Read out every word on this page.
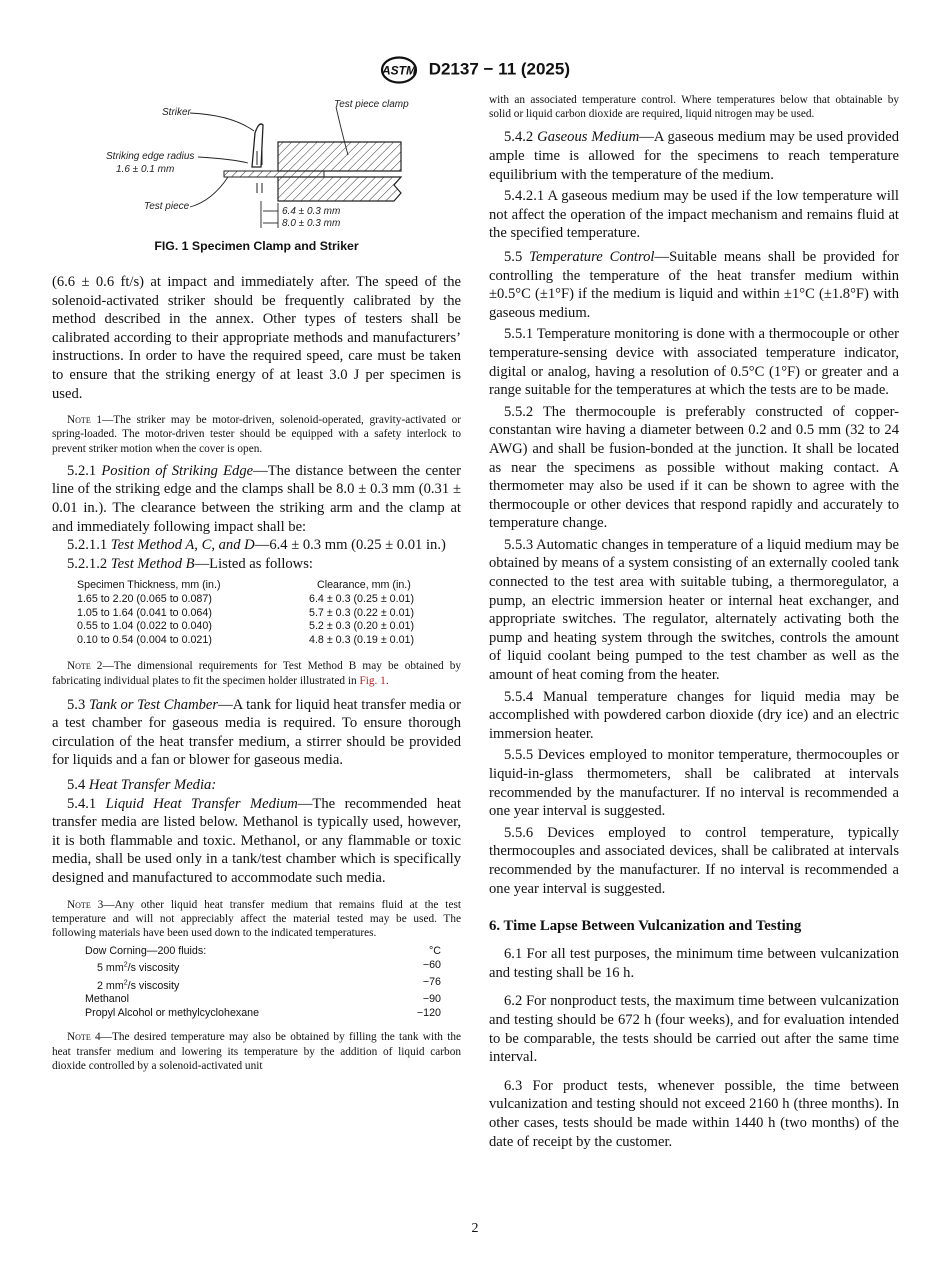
ASTM D2137 − 11 (2025)
Striker
Test piece clamp
Striking edge radius
1.6 ± 0.1 mm
Test piece	6.4 ± 0.3 mm
8.0 ± 0.3 mm

FIG. 1 Specimen Clamp and Striker

(6.6 ± 0.6 ft/s) at impact and immediately after. The speed of the solenoid-activated striker should be frequently calibrated by the method described in the annex. Other types of testers shall be calibrated according to their appropriate methods and manufacturers’ instructions. In order to have the required speed, care must be taken to ensure that the striking energy of at least 3.0 J per specimen is used.

Note 1—The striker may be motor-driven, solenoid-operated, gravity-activated or spring-loaded. The motor-driven tester should be equipped with a safety interlock to prevent striker motion when the cover is open.

5.2.1 Position of Striking Edge—The distance between the center line of the striking edge and the clamps shall be 8.0 ± 0.3 mm (0.31 ± 0.01 in.). The clearance between the striking arm and the clamp at and immediately following impact shall be:

5.2.1.1 Test Method A, C, and D—6.4 ± 0.3 mm (0.25 ± 0.01 in.)

5.2.1.2 Test Method B—Listed as follows:

Specimen Thickness, mm (in.)	Clearance, mm (in.)
1.65 to 2.20 (0.065 to 0.087)	6.4 ± 0.3 (0.25 ± 0.01)
1.05 to 1.64 (0.041 to 0.064)	5.7 ± 0.3 (0.22 ± 0.01)
0.55 to 1.04 (0.022 to 0.040)	5.2 ± 0.3 (0.20 ± 0.01)
0.10 to 0.54 (0.004 to 0.021)	4.8 ± 0.3 (0.19 ± 0.01)

Note 2—The dimensional requirements for Test Method B may be obtained by fabricating individual plates to fit the specimen holder illustrated in Fig. 1.

5.3 Tank or Test Chamber—A tank for liquid heat transfer media or a test chamber for gaseous media is required. To ensure thorough circulation of the heat transfer medium, a stirrer should be provided for liquids and a fan or blower for gaseous media.

5.4 Heat Transfer Media:

5.4.1 Liquid Heat Transfer Medium—The recommended heat transfer media are listed below. Methanol is typically used, however, it is both flammable and toxic. Methanol, or any flammable or toxic media, shall be used only in a tank/test chamber which is specifically designed and manufactured to accommodate such media.

Note 3—Any other liquid heat transfer medium that remains fluid at the test temperature and will not appreciably affect the material tested may be used. The following materials have been used down to the indicated temperatures.

Dow Corning—200 fluids:	°C
5 $mm^2/s$ viscosity	−60
2 $mm^2/s$ viscosity	−76
Methanol	−90
Propyl Alcohol or methylcyclohexane	−120

Note 4—The desired temperature may also be obtained by filling the tank with the heat transfer medium and lowering its temperature by the addition of liquid carbon dioxide controlled by a solenoid-activated unit

with an associated temperature control. Where temperatures below that obtainable by solid or liquid carbon dioxide are required, liquid nitrogen may be used.

5.4.2 Gaseous Medium—A gaseous medium may be used provided ample time is allowed for the specimens to reach temperature equilibrium with the temperature of the medium.

5.4.2.1 A gaseous medium may be used if the low temperature will not affect the operation of the impact mechanism and remains fluid at the specified temperature.

5.5 Temperature Control—Suitable means shall be provided for controlling the temperature of the heat transfer medium within ±0.5°C (±1°F) if the medium is liquid and within ±1°C (±1.8°F) with gaseous medium.

5.5.1 Temperature monitoring is done with a thermocouple or other temperature-sensing device with associated temperature indicator, digital or analog, having a resolution of 0.5°C (1°F) or greater and a range suitable for the temperatures at which the tests are to be made.

5.5.2 The thermocouple is preferably constructed of copper-constantan wire having a diameter between 0.2 and 0.5 mm (32 to 24 AWG) and shall be fusion-bonded at the junction. It shall be located as near the specimens as possible without making contact. A thermometer may also be used if it can be shown to agree with the thermocouple or other devices that respond rapidly and accurately to temperature change.

5.5.3 Automatic changes in temperature of a liquid medium may be obtained by means of a system consisting of an externally cooled tank connected to the test area with suitable tubing, a thermoregulator, a pump, an electric immersion heater or internal heat exchanger, and appropriate switches. The regulator, alternately activating both the pump and heating system through the switches, controls the amount of liquid coolant being pumped to the test chamber as well as the amount of heat coming from the heater.

5.5.4 Manual temperature changes for liquid media may be accomplished with powdered carbon dioxide (dry ice) and an electric immersion heater.

5.5.5 Devices employed to monitor temperature, thermocouples or liquid-in-glass thermometers, shall be calibrated at intervals recommended by the manufacturer. If no interval is recommended a one year interval is suggested.

5.5.6 Devices employed to control temperature, typically thermocouples and associated devices, shall be calibrated at intervals recommended by the manufacturer. If no interval is recommended a one year interval is suggested.

6. Time Lapse Between Vulcanization and Testing

6.1 For all test purposes, the minimum time between vulcanization and testing shall be 16 h.

6.2 For nonproduct tests, the maximum time between vulcanization and testing should be 672 h (four weeks), and for evaluation intended to be comparable, the tests should be carried out after the same time interval.

6.3 For product tests, whenever possible, the time between vulcanization and testing should not exceed 2160 h (three months). In other cases, tests should be made within 1440 h (two months) of the date of receipt by the customer.

2
